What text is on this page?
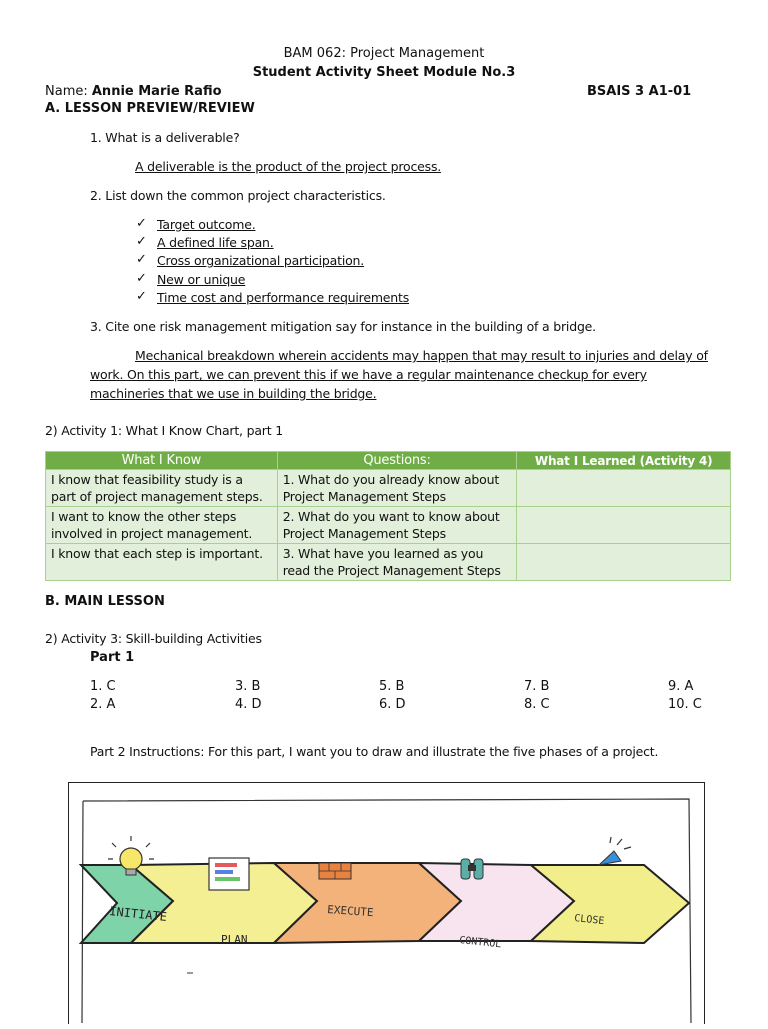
BAM 062: Project Management
Student Activity Sheet Module No.3
Name: Annie Marie Rafio	BSAIS 3 A1-01
A. LESSON PREVIEW/REVIEW
1. What is a deliverable?
A deliverable is the product of the project process.
2. List down the common project characteristics.
✓ Target outcome.
✓ A defined life span.
✓ Cross organizational participation.
✓ New or unique
✓ Time cost and performance requirements
3. Cite one risk management mitigation say for instance in the building of a bridge.
Mechanical breakdown wherein accidents may happen that may result to injuries and delay of
work. On this part, we can prevent this if we have a regular maintenance checkup for every
machineries that we use in building the bridge.
2) Activity 1: What I Know Chart, part 1
What I Know	Questions:	What I Learned (Activity 4)
I know that feasibility study is a
part of project management steps.	1. What do you already know about
Project Management Steps	
I want to know the other steps
involved in project management.	2. What do you want to know about
Project Management Steps	
I know that each step is important.	3. What have you learned as you
read the Project Management Steps	
B. MAIN LESSON
2) Activity 3: Skill-building Activities
Part 1
1. C
2. A
3. B
4. D
5. B
6. D
7. B
8. C
9. A
10. C
Part 2 Instructions: For this part, I want you to draw and illustrate the five phases of a project.
INITIATE
PLAN
EXECUTE
CONTROL
CLOSE
